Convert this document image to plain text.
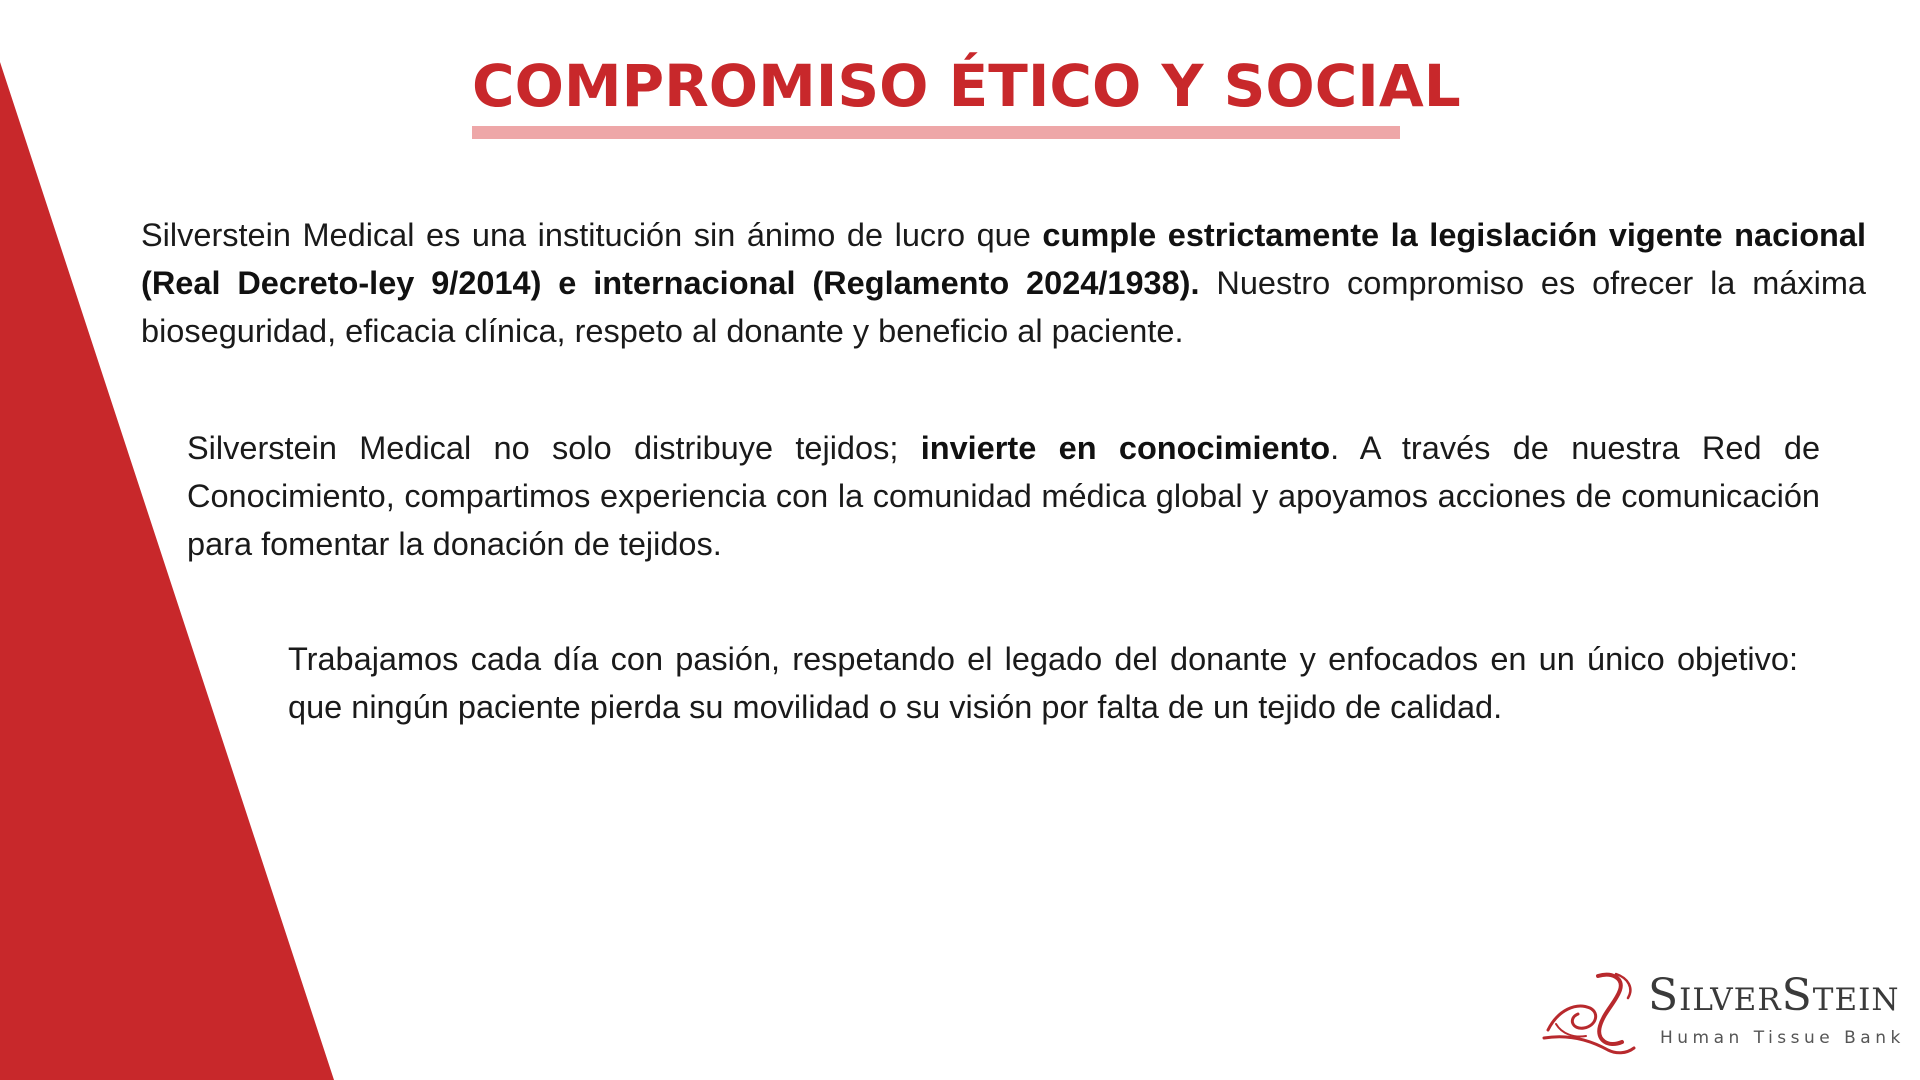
COMPROMISO ÉTICO Y SOCIAL

Silverstein Medical es una institución sin ánimo de lucro que cumple estrictamente la legislación vigente nacional (Real Decreto-ley 9/2014) e internacional (Reglamento 2024/1938). Nuestro compromiso es ofrecer la máxima bioseguridad, eficacia clínica, respeto al donante y beneficio al paciente.

Silverstein Medical no solo distribuye tejidos; invierte en conocimiento. A través de nuestra Red de Conocimiento, compartimos experiencia con la comunidad médica global y apoyamos acciones de comunicación para fomentar la donación de tejidos.

Trabajamos cada día con pasión, respetando el legado del donante y enfocados en un único objetivo: que ningún paciente pierda su movilidad o su visión por falta de un tejido de calidad.

SilverStein
Human Tissue Bank
